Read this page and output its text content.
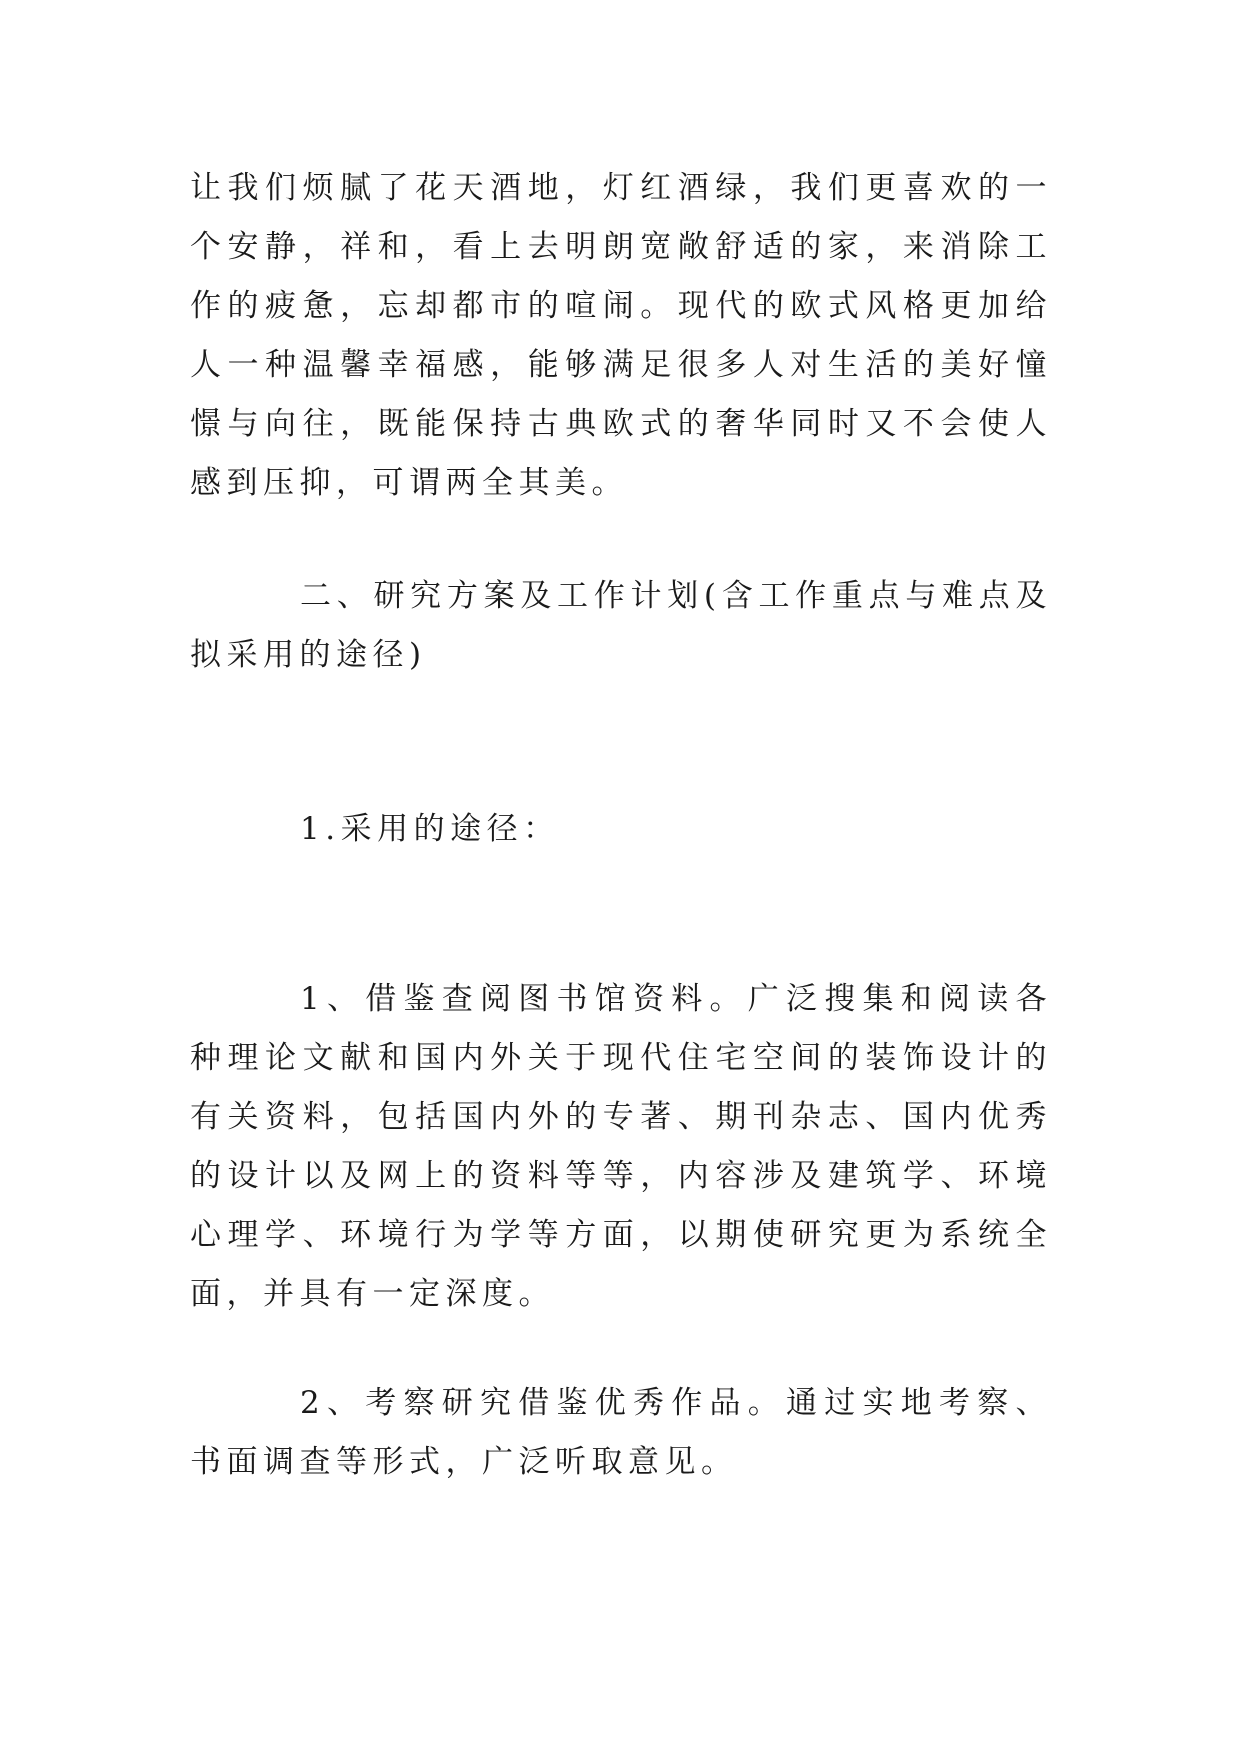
让我们烦腻了花天酒地，灯红酒绿，我们更喜欢的一个安静，祥和，看上去明朗宽敞舒适的家，来消除工作的疲惫，忘却都市的喧闹。现代的欧式风格更加给人一种温馨幸福感，能够满足很多人对生活的美好憧憬与向往，既能保持古典欧式的奢华同时又不会使人感到压抑，可谓两全其美。

二、研究方案及工作计划(含工作重点与难点及拟采用的途径)

1.采用的途径：

1、借鉴查阅图书馆资料。广泛搜集和阅读各种理论文献和国内外关于现代住宅空间的装饰设计的有关资料，包括国内外的专著、期刊杂志、国内优秀的设计以及网上的资料等等，内容涉及建筑学、环境心理学、环境行为学等方面，以期使研究更为系统全面，并具有一定深度。

2、考察研究借鉴优秀作品。通过实地考察、书面调查等形式，广泛听取意见。
